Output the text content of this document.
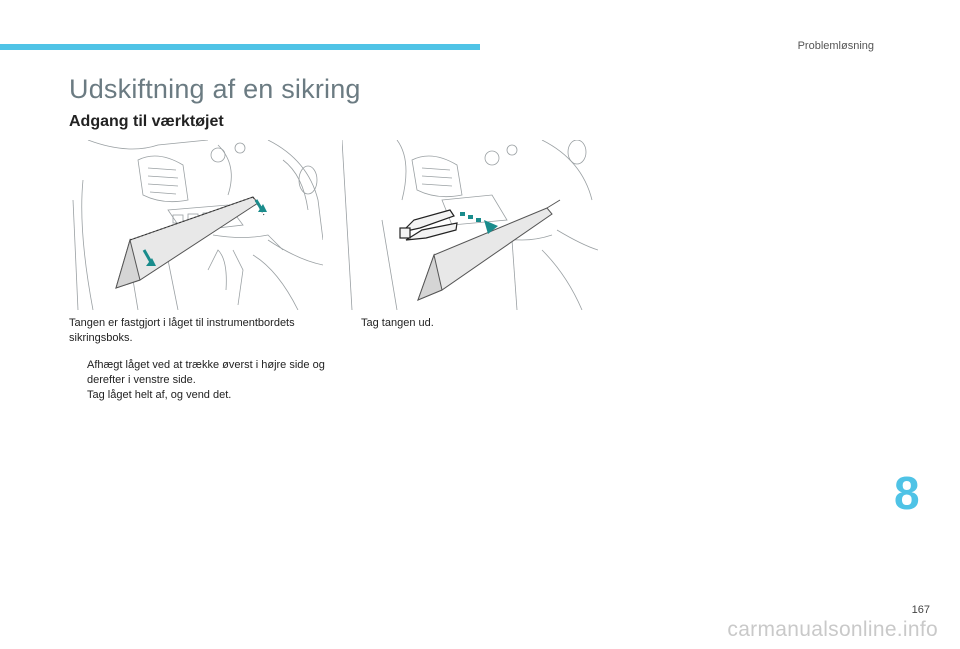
Problemløsning
Udskiftning af en sikring
Adgang til værktøjet

Tangen er fastgjort i låget til instrumentbordets sikringsboks.

Afhægt låget ved at trække øverst i højre side og derefter i venstre side.

Tag låget helt af, og vend det.

Tag tangen ud.

8
167
carmanualsonline.info
